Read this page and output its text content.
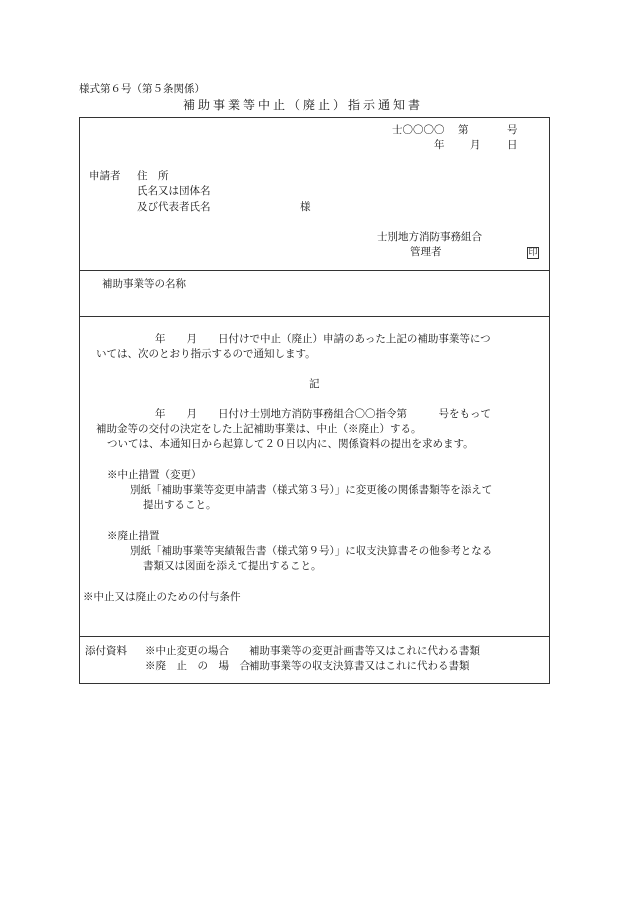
様式第６号（第５条関係）
補助事業等中止（廃止）指示通知書
士〇〇〇〇 第	号
年 月	日
申請者 住　所
氏名又は団体名
及び代表者氏名	様
士別地方消防事務組合
管理者	印
補助事業等の名称
年　　月　　日付けで中止（廃止）申請のあった上記の補助事業等につ
いては、次のとおり指示するので通知します。
記
年　　月　　日付け士別地方消防事務組合〇〇指令第　　　号をもって
補助金等の交付の決定をした上記補助事業は、中止（※廃止）する。
ついては、本通知日から起算して２０日以内に、関係資料の提出を求めます。
※中止措置（変更）
別紙「補助事業等変更申請書（様式第３号）」に変更後の関係書類等を添えて
提出すること。
※廃止措置
別紙「補助事業等実績報告書（様式第９号）」に収支決算書その他参考となる
書類又は図面を添えて提出すること。
※中止又は廃止のための付与条件
添付資料 ※中止変更の場合 補助事業等の変更計画書等又はこれに代わる書類
※廃　止　の　場　合 補助事業等の収支決算書又はこれに代わる書類
